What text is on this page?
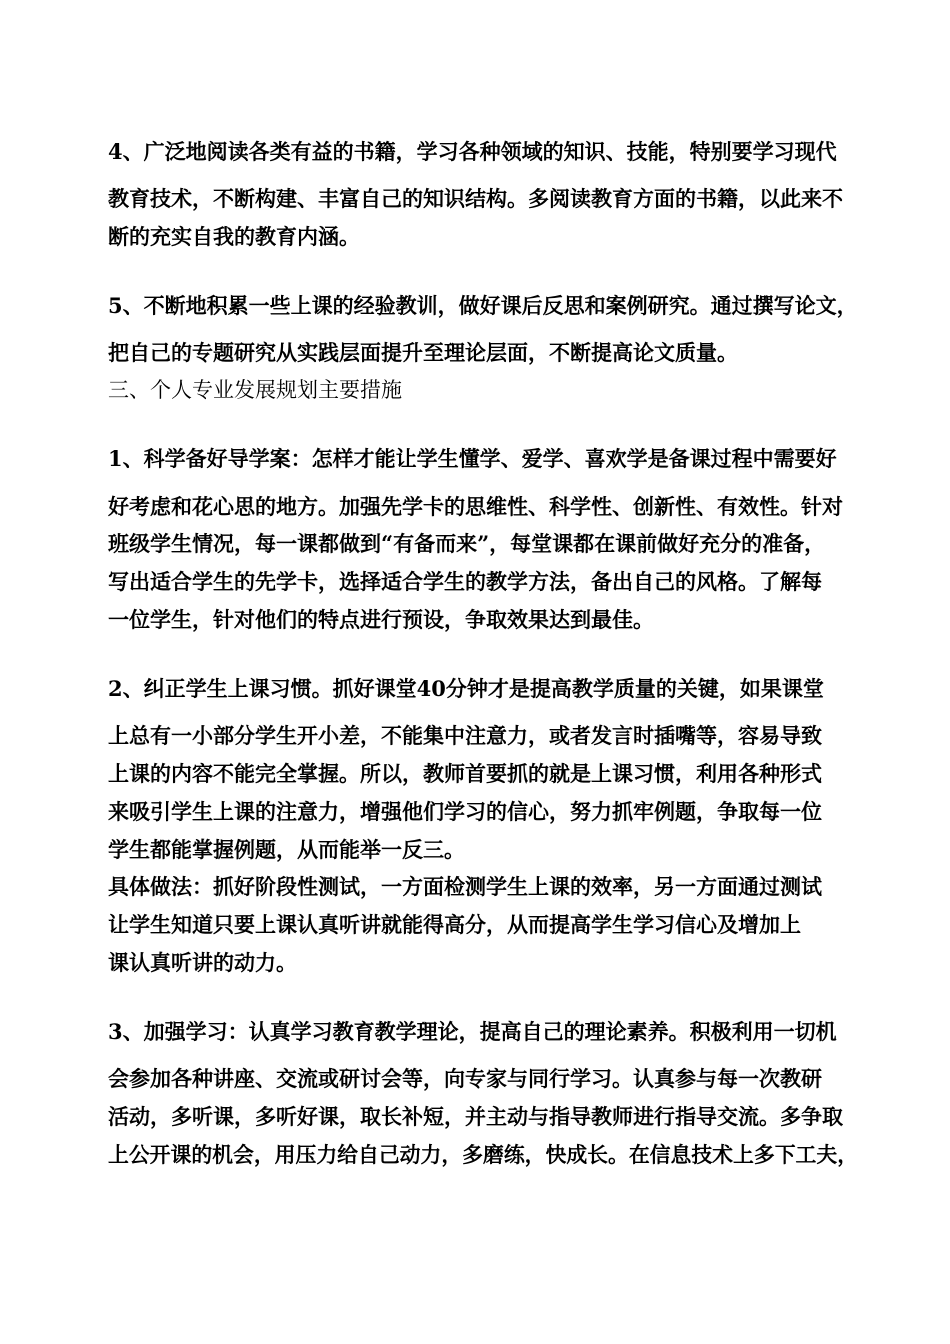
4、广泛地阅读各类有益的书籍，学习各种领域的知识、技能，特别要学习现代
教育技术，不断构建、丰富自己的知识结构。多阅读教育方面的书籍，以此来不
断的充实自我的教育内涵。
5、不断地积累一些上课的经验教训，做好课后反思和案例研究。通过撰写论文，
把自己的专题研究从实践层面提升至理论层面，不断提高论文质量。
三、个人专业发展规划主要措施
1、科学备好导学案：怎样才能让学生懂学、爱学、喜欢学是备课过程中需要好
好考虑和花心思的地方。加强先学卡的思维性、科学性、创新性、有效性。针对
班级学生情况，每一课都做到“有备而来”，每堂课都在课前做好充分的准备，
写出适合学生的先学卡，选择适合学生的教学方法，备出自己的风格。了解每
一位学生，针对他们的特点进行预设，争取效果达到最佳。
2、纠正学生上课习惯。抓好课堂40分钟才是提高教学质量的关键，如果课堂
上总有一小部分学生开小差，不能集中注意力，或者发言时插嘴等，容易导致
上课的内容不能完全掌握。所以，教师首要抓的就是上课习惯，利用各种形式
来吸引学生上课的注意力，增强他们学习的信心，努力抓牢例题，争取每一位
学生都能掌握例题，从而能举一反三。
具体做法：抓好阶段性测试，一方面检测学生上课的效率，另一方面通过测试
让学生知道只要上课认真听讲就能得高分，从而提高学生学习信心及增加上
课认真听讲的动力。
3、加强学习：认真学习教育教学理论，提高自己的理论素养。积极利用一切机
会参加各种讲座、交流或研讨会等，向专家与同行学习。认真参与每一次教研
活动，多听课，多听好课，取长补短，并主动与指导教师进行指导交流。多争取
上公开课的机会，用压力给自己动力，多磨练，快成长。在信息技术上多下工夫，
